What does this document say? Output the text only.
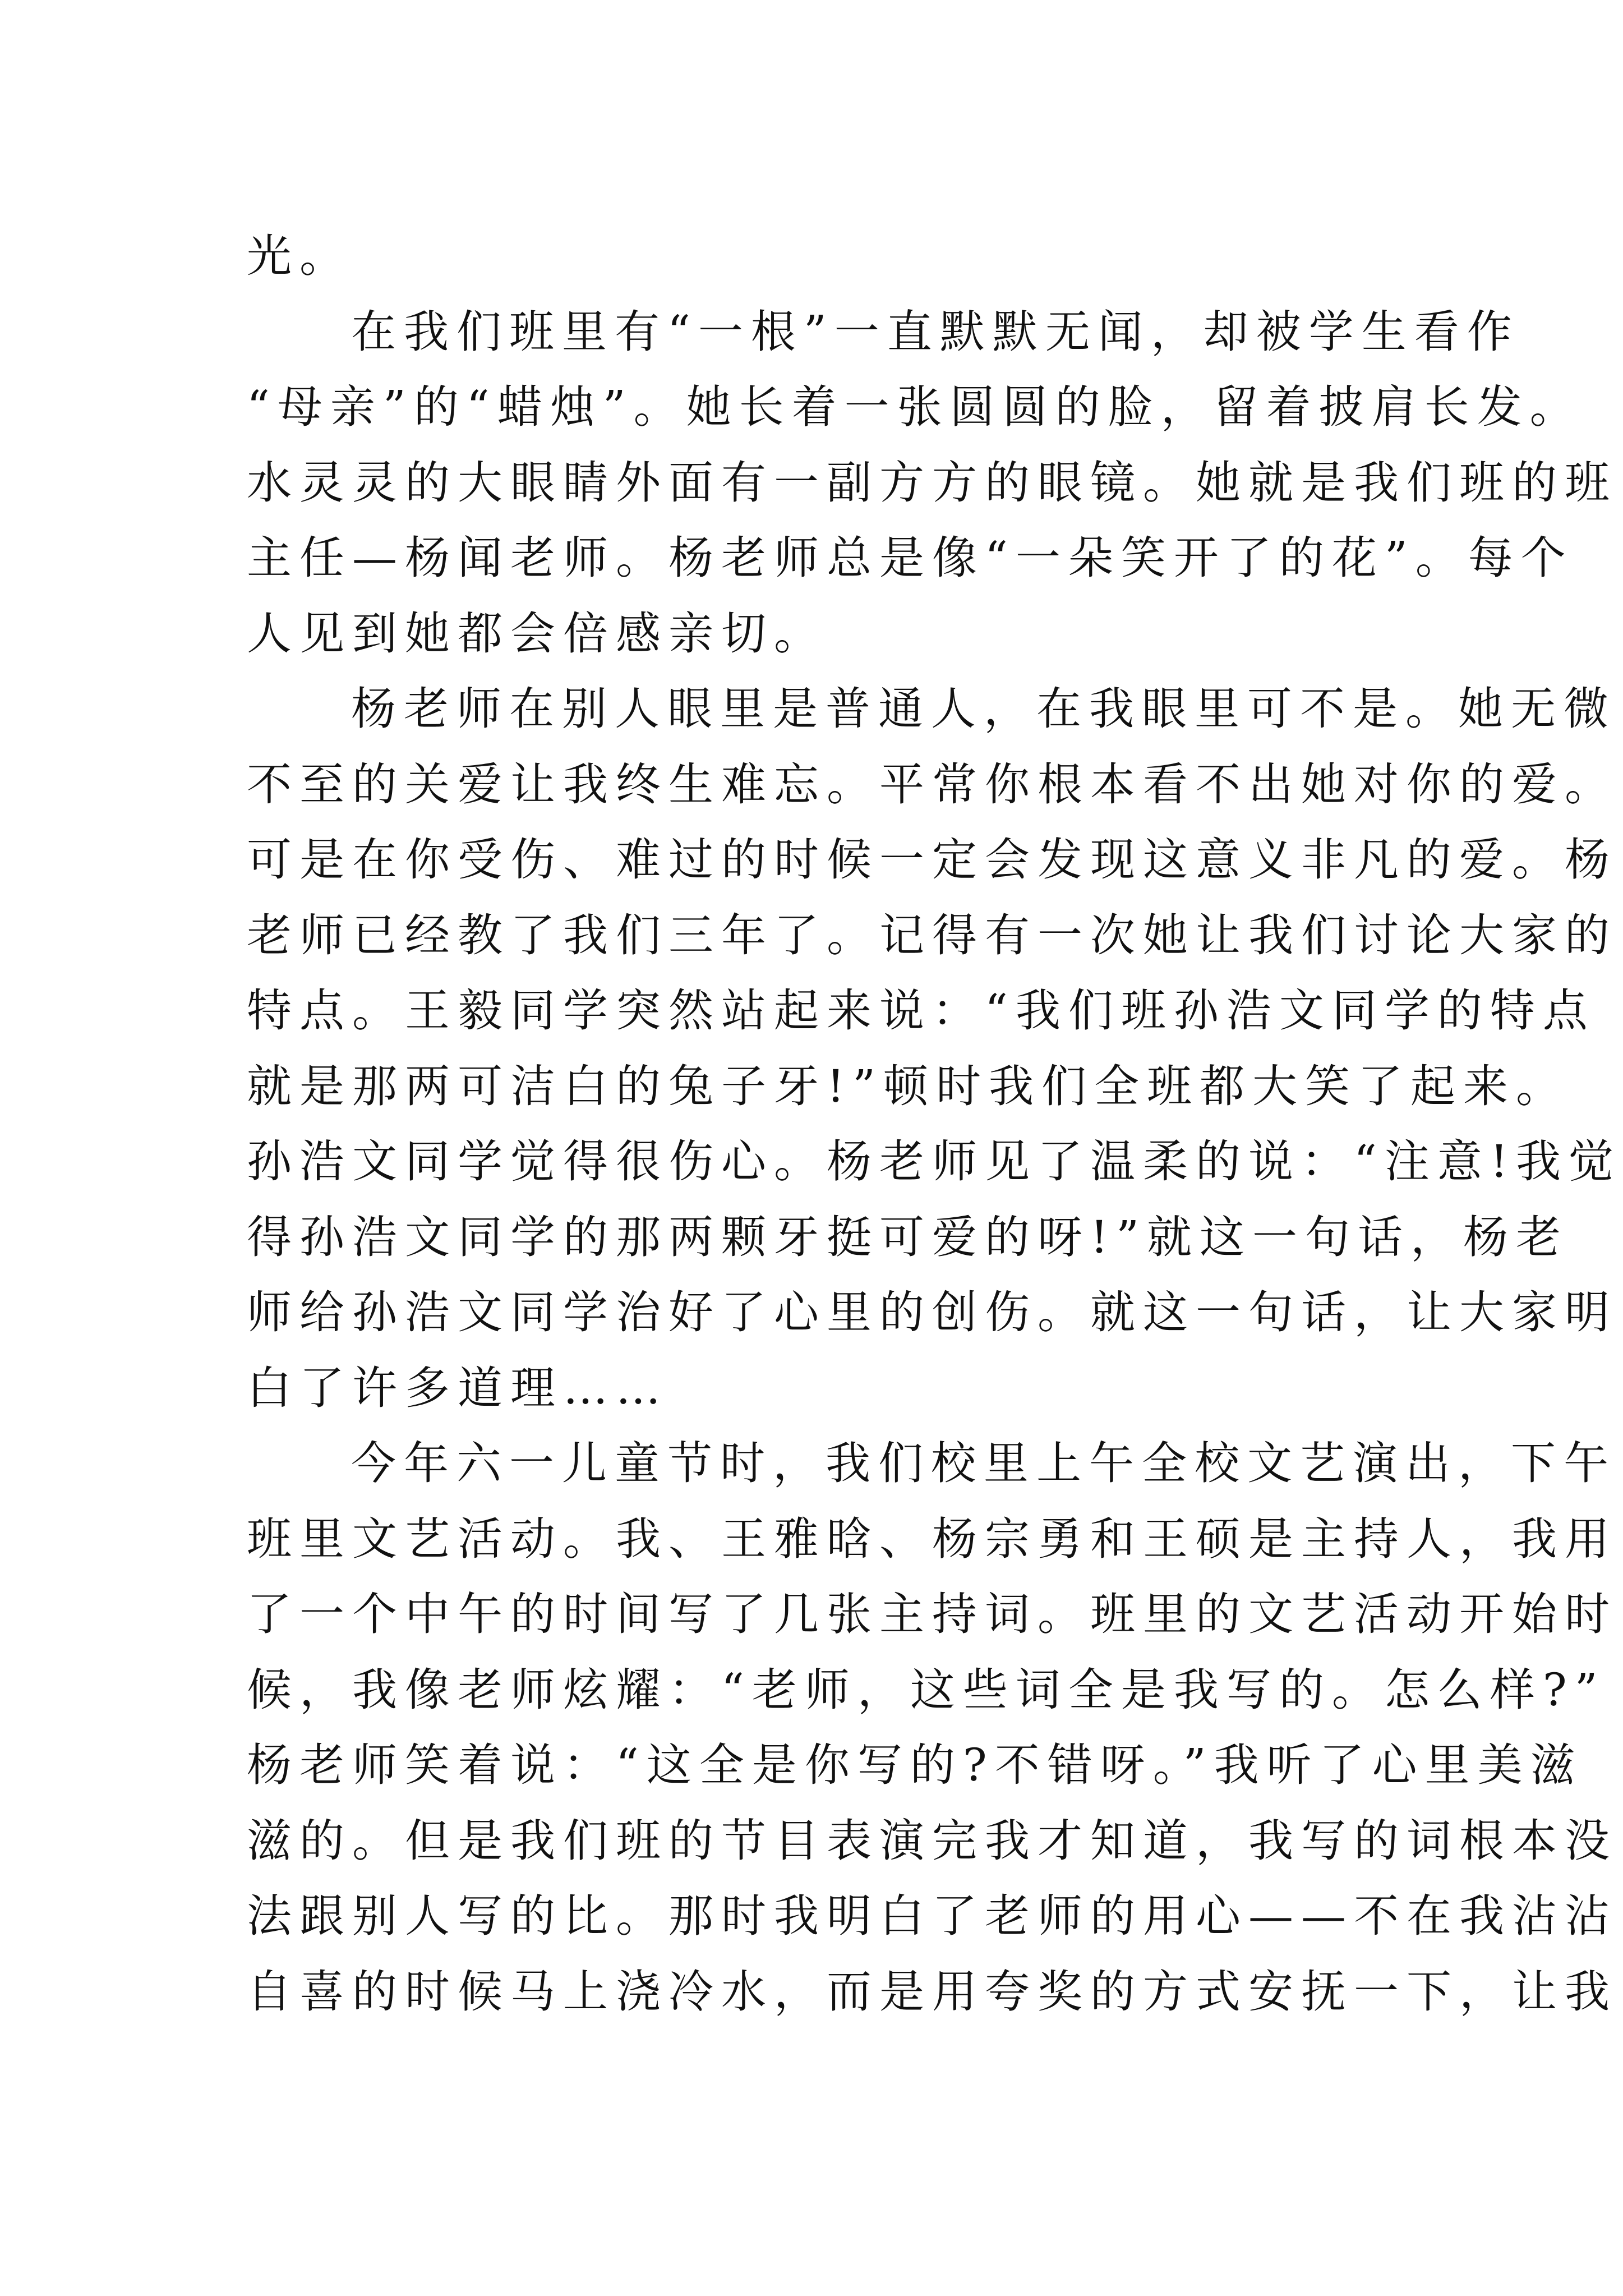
光。
在我们班里有“一根”一直默默无闻，却被学生看作
“母亲”的“蜡烛”。她长着一张圆圆的脸，留着披肩长发。
水灵灵的大眼睛外面有一副方方的眼镜。她就是我们班的班
主任—杨闻老师。杨老师总是像“一朵笑开了的花”。每个
人见到她都会倍感亲切。
杨老师在别人眼里是普通人，在我眼里可不是。她无微
不至的关爱让我终生难忘。平常你根本看不出她对你的爱。
可是在你受伤、难过的时候一定会发现这意义非凡的爱。杨
老师已经教了我们三年了。记得有一次她让我们讨论大家的
特点。王毅同学突然站起来说：“我们班孙浩文同学的特点
就是那两可洁白的兔子牙!”顿时我们全班都大笑了起来。
孙浩文同学觉得很伤心。杨老师见了温柔的说：“注意!我觉
得孙浩文同学的那两颗牙挺可爱的呀!”就这一句话，杨老
师给孙浩文同学治好了心里的创伤。就这一句话，让大家明
白了许多道理……
今年六一儿童节时，我们校里上午全校文艺演出，下午
班里文艺活动。我、王雅晗、杨宗勇和王硕是主持人，我用
了一个中午的时间写了几张主持词。班里的文艺活动开始时
候，我像老师炫耀：“老师，这些词全是我写的。怎么样?”
杨老师笑着说：“这全是你写的?不错呀。”我听了心里美滋
滋的。但是我们班的节目表演完我才知道，我写的词根本没
法跟别人写的比。那时我明白了老师的用心——不在我沾沾
自喜的时候马上浇冷水，而是用夸奖的方式安抚一下，让我
